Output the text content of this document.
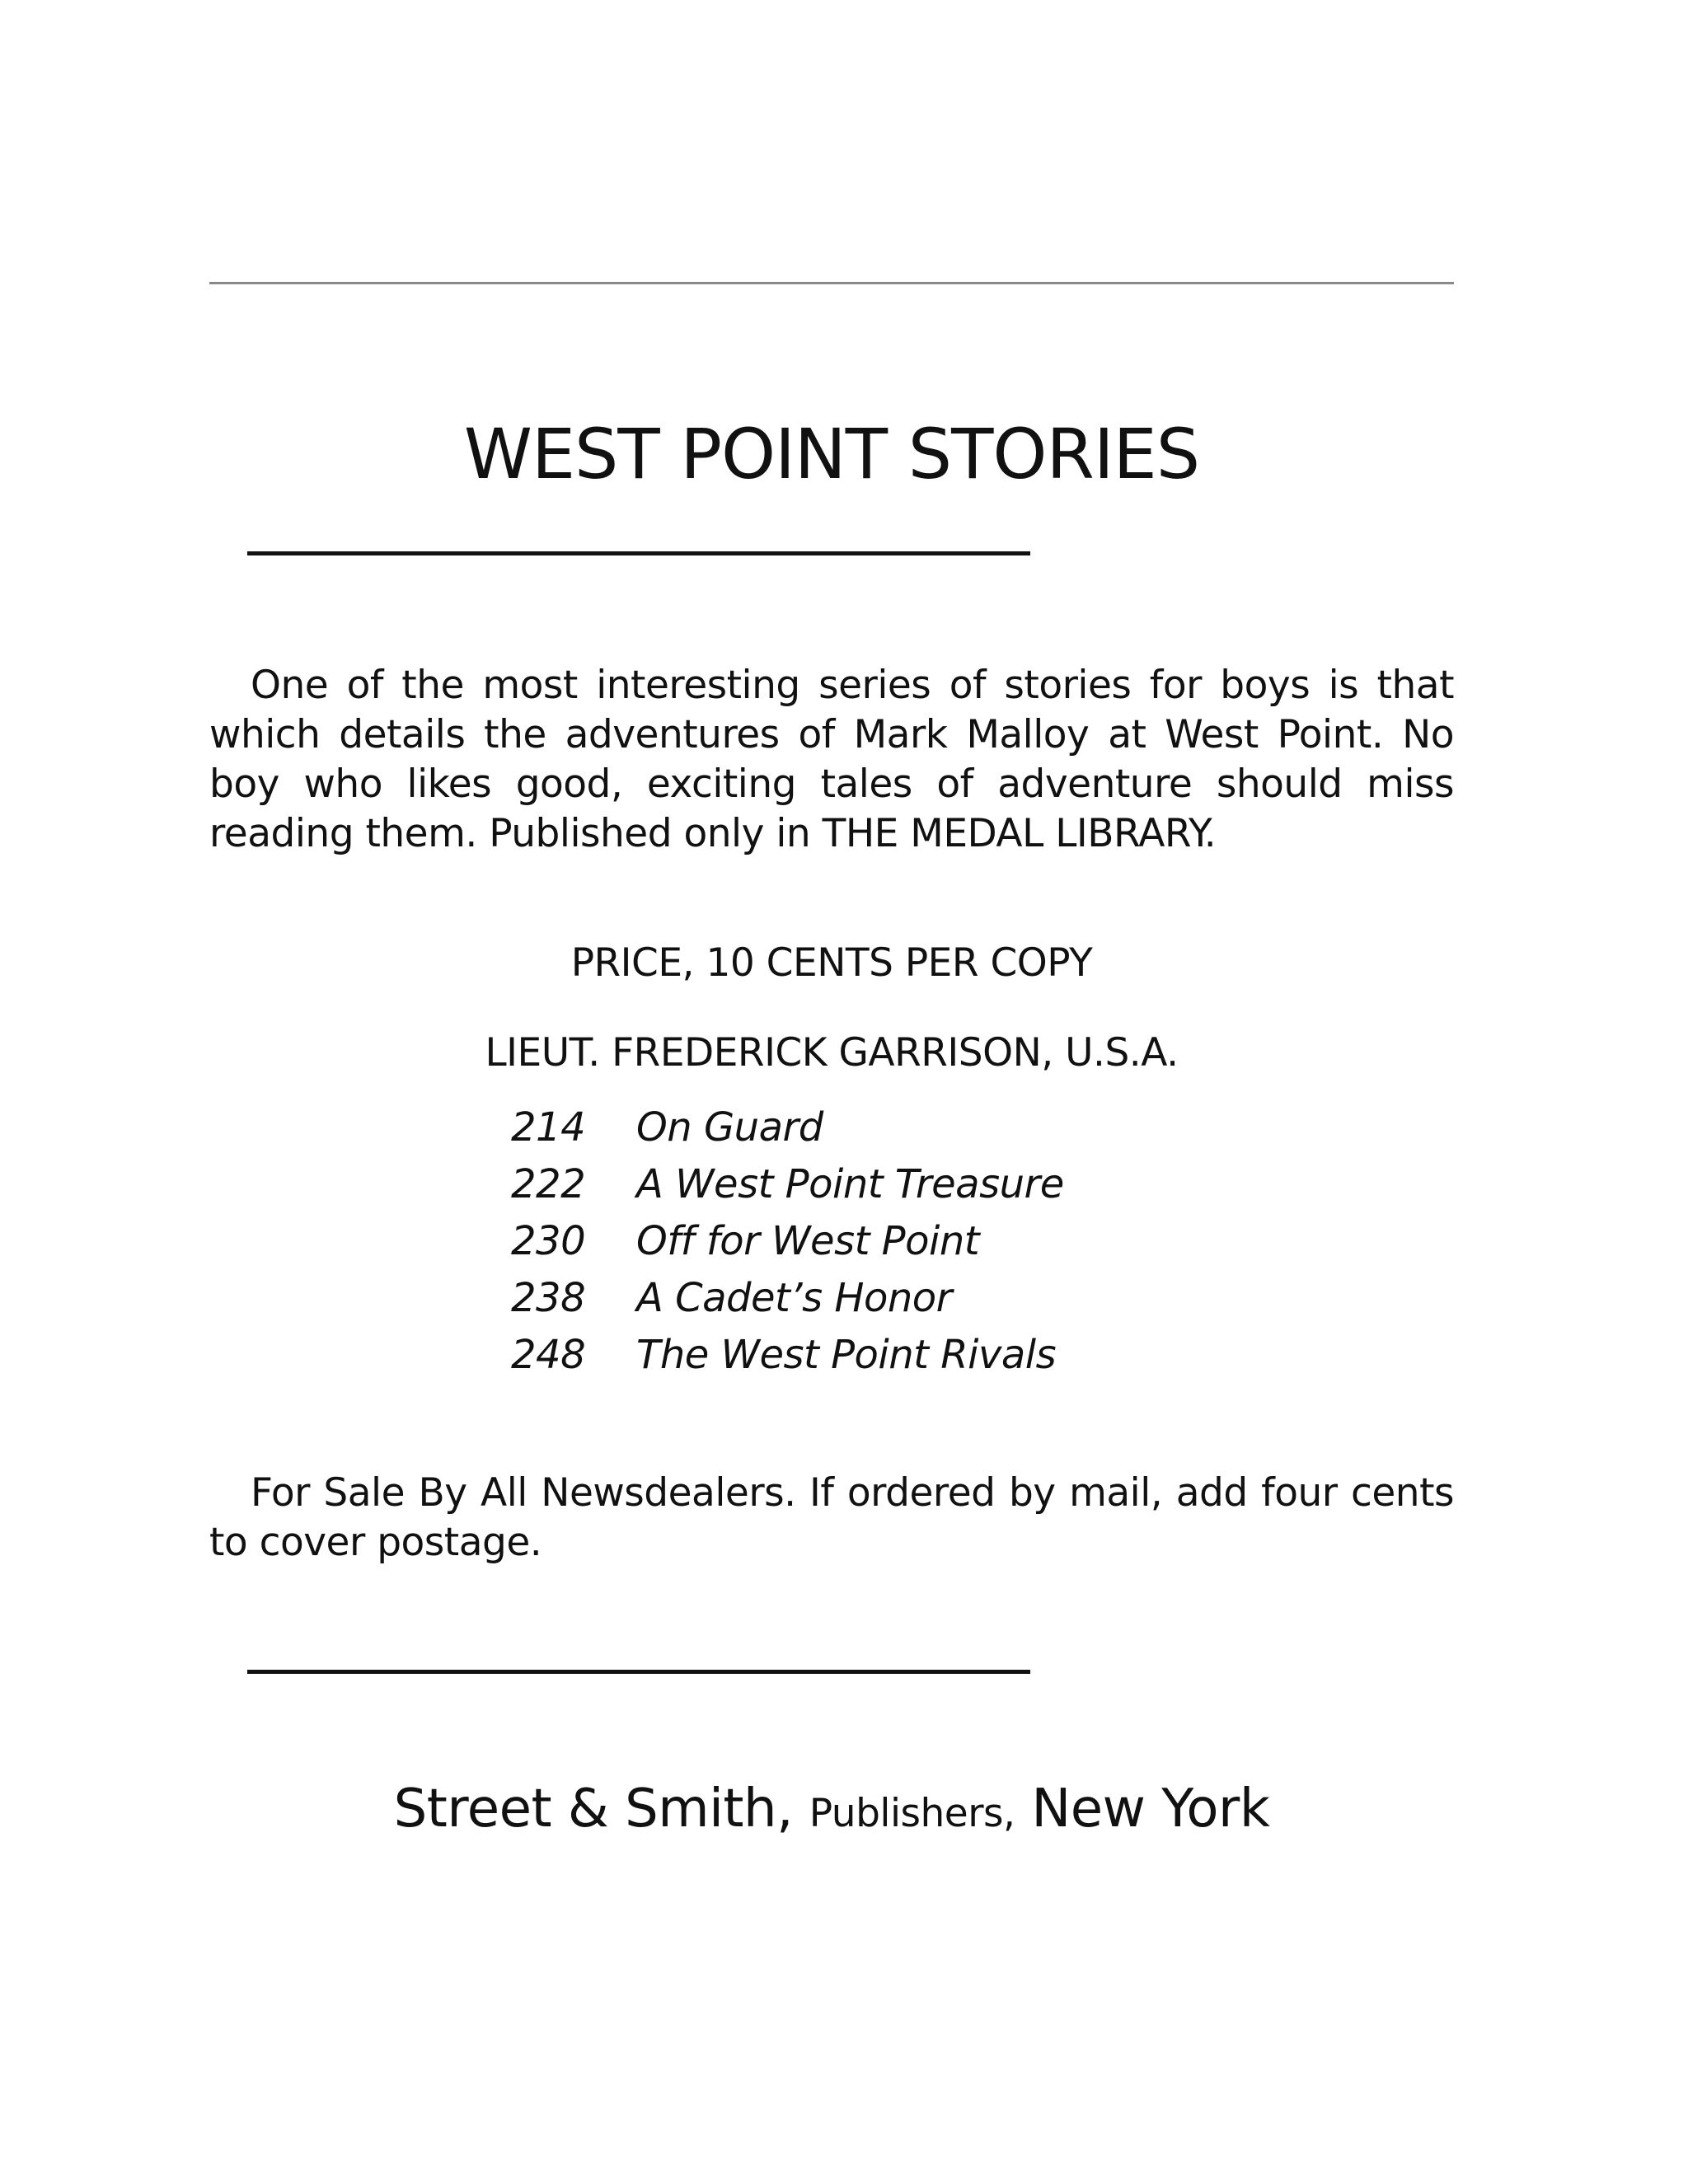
WEST POINT STORIES

One of the most interesting series of stories for boys is that which details the adventures of Mark Malloy at West Point. No boy who likes good, exciting tales of adventure should miss reading them. Published only in THE MEDAL LIBRARY.

PRICE, 10 CENTS PER COPY
LIEUT. FREDERICK GARRISON, U.S.A.
214	On Guard
222	A West Point Treasure
230	Off for West Point
238	A Cadet’s Honor
248	The West Point Rivals

For Sale By All Newsdealers. If ordered by mail, add four cents to cover postage.

Street & Smith, Publishers, New York
